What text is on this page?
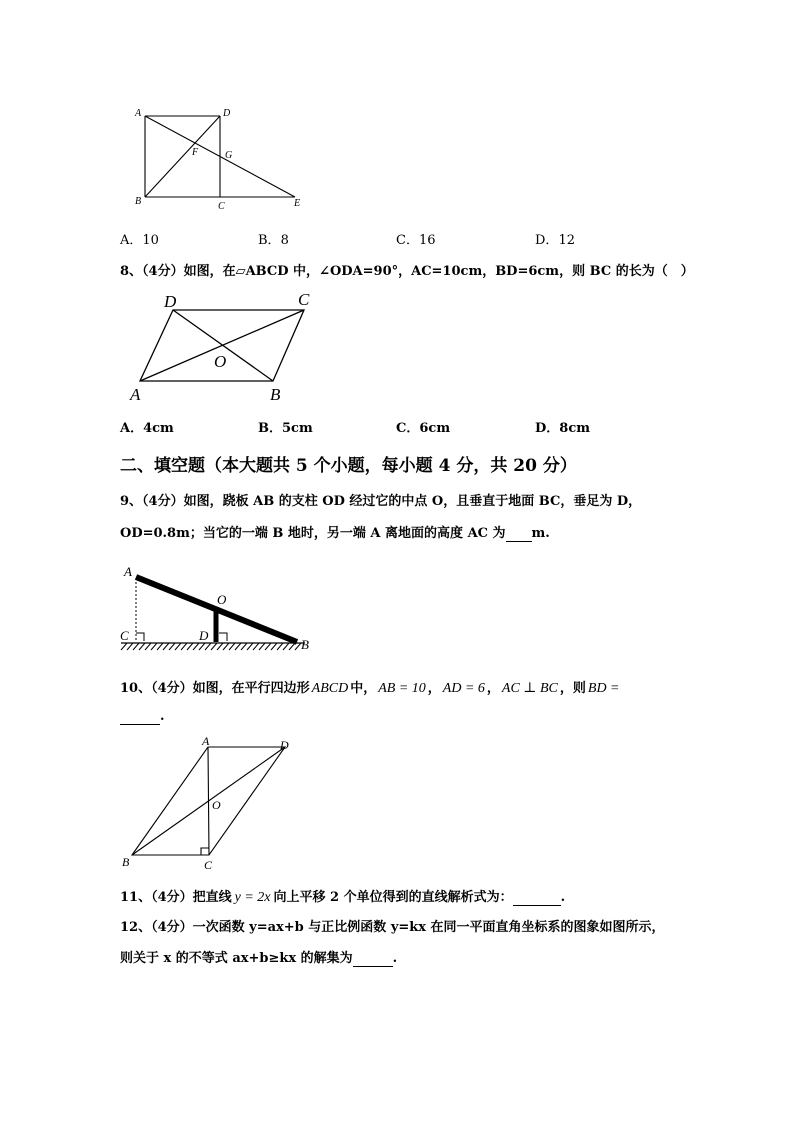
A	D
F	G
B	C	E
A．10	B．8	C．16	D．12
8、（4分）如图，在▱ABCD 中，∠ODA=90°，AC=10cm，BD=6cm，则 BC 的长为（　）
D	C
O
A	B
A．4cm	B．5cm	C．6cm	D．8cm
二、填空题（本大题共 5 个小题，每小题 4 分，共 20 分）
9、（4分）如图，跷板 AB 的支柱 OD 经过它的中点 O，且垂直于地面 BC，垂足为 D，
OD=0.8m；当它的一端 B 地时，另一端 A 离地面的高度 AC 为 m.
A
O
C	D
B
10、（4分）如图，在平行四边形 ABCD 中， AB = 10 ， AD = 6 ， AC ⊥ BC ，则 BD =
.
A	D
O
B	C
11、（4分）把直线 y = 2x 向上平移 2 个单位得到的直线解析式为：	.
12、（4分）一次函数 y=ax+b 与正比例函数 y=kx 在同一平面直角坐标系的图象如图所示，
则关于 x 的不等式 ax+b≥kx 的解集为	.
